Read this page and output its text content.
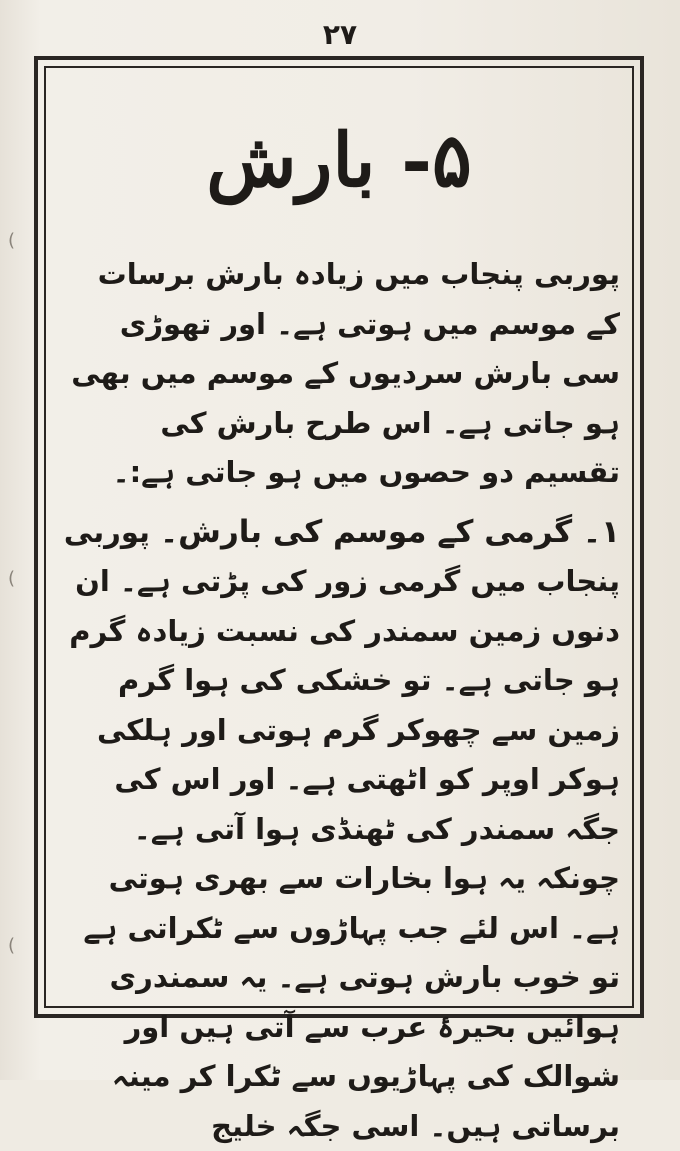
۲۷
۵- بارش

پوربی پنجاب میں زیادہ بارش برسات کے موسم میں ہوتی ہے۔ اور تھوڑی سی بارش سردیوں کے موسم میں بھی ہو جاتی ہے۔ اس طرح بارش کی تقسیم دو حصوں میں ہو جاتی ہے:۔

۱۔ گرمی کے موسم کی بارش۔ پوربی پنجاب میں گرمی زور کی پڑتی ہے۔ ان دنوں زمین سمندر کی نسبت زیادہ گرم ہو جاتی ہے۔ تو خشکی کی ہوا گرم زمین سے چھوکر گرم ہوتی اور ہلکی ہوکر اوپر کو اٹھتی ہے۔ اور اس کی جگہ سمندر کی ٹھنڈی ہوا آتی ہے۔ چونکہ یہ ہوا بخارات سے بھری ہوتی ہے۔ اس لئے جب پہاڑوں سے ٹکراتی ہے تو خوب بارش ہوتی ہے۔ یہ سمندری ہوائیں بحیرۂ عرب سے آتی ہیں اور شوالک کی پہاڑیوں سے ٹکرا کر مینہ برساتی ہیں۔ اسی جگہ خلیج

(
(
(
